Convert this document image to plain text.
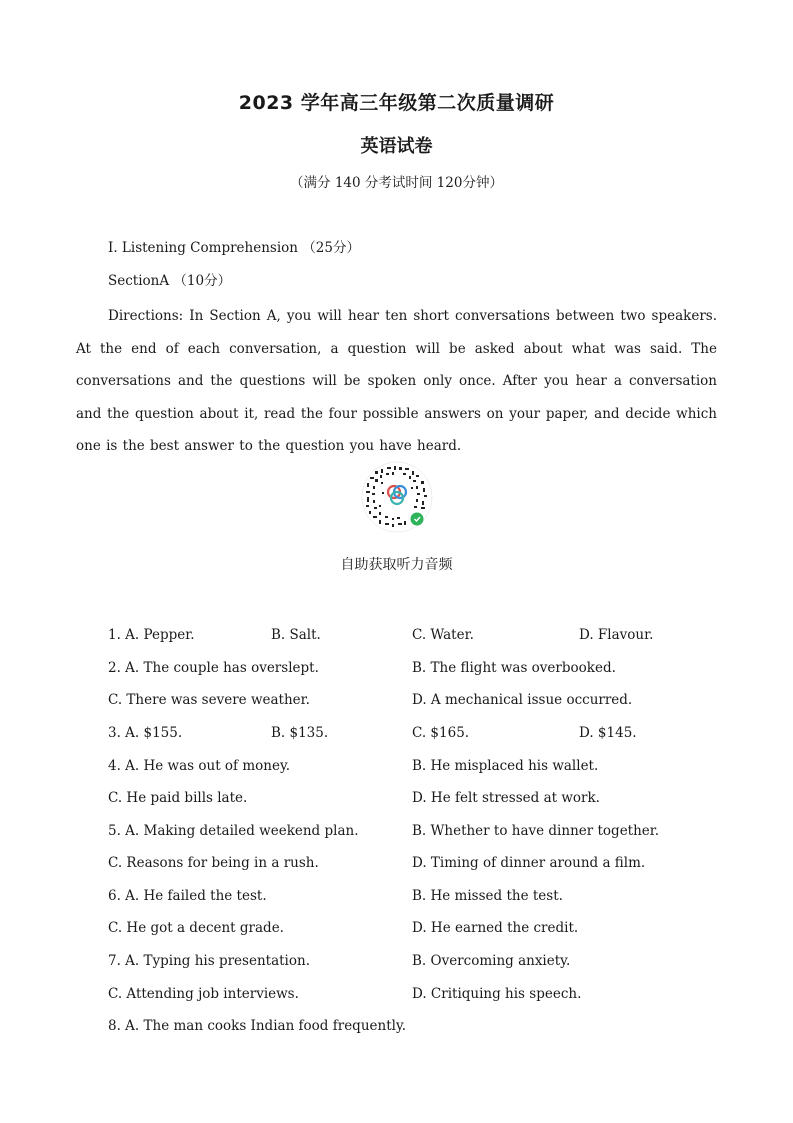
2023 学年高三年级第二次质量调研
英语试卷
（满分 140 分考试时间 120分钟）
I. Listening Comprehension （25分）
SectionA （10分）

Directions: In Section A, you will hear ten short conversations between two speakers. At the end of each conversation, a question will be asked about what was said. The conversations and the questions will be spoken only once. After you hear a conversation and the question about it, read the four possible answers on your paper, and decide which one is the best answer to the question you have heard.

自助获取听力音频
1. A. Pepper.	B. Salt.	C. Water.	D. Flavour.
2. A. The couple has overslept.	B. The flight was overbooked.
C. There was severe weather.	D. A mechanical issue occurred.
3. A. $155.	B. $135.	C. $165.	D. $145.
4. A. He was out of money.	B. He misplaced his wallet.
C. He paid bills late.	D. He felt stressed at work.
5. A. Making detailed weekend plan.	B. Whether to have dinner together.
C. Reasons for being in a rush.	D. Timing of dinner around a film.
6. A. He failed the test.	B. He missed the test.
C. He got a decent grade.	D. He earned the credit.
7. A. Typing his presentation.	B. Overcoming anxiety.
C. Attending job interviews.	D. Critiquing his speech.
8. A. The man cooks Indian food frequently.
